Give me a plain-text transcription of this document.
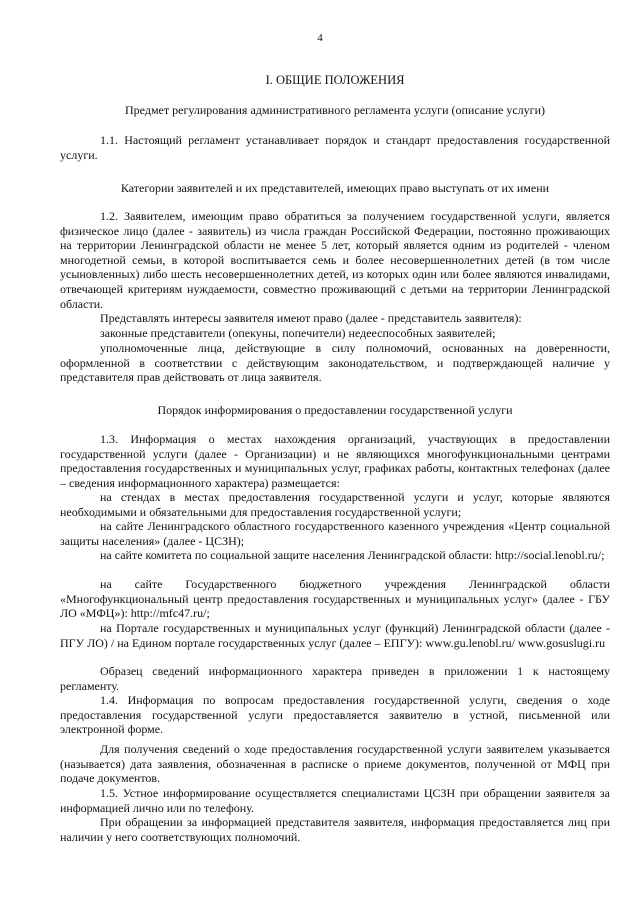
4
I. ОБЩИЕ ПОЛОЖЕНИЯ
Предмет регулирования административного регламента услуги (описание услуги)

1.1. Настоящий регламент устанавливает порядок и стандарт предоставления государственной услуги.

Категории заявителей и их представителей, имеющих право выступать от их имени

1.2. Заявителем, имеющим право обратиться за получением государственной услуги, является физическое лицо (далее - заявитель) из числа граждан Российской Федерации, постоянно проживающих на территории Ленинградской области не менее 5 лет, который является одним из родителей - членом многодетной семьи, в которой воспитывается семь и более несовершеннолетних детей (в том числе усыновленных) либо шесть несовершеннолетних детей, из которых один или более являются инвалидами, отвечающей критериям нуждаемости, совместно проживающий с детьми на территории Ленинградской области.

Представлять интересы заявителя имеют право (далее - представитель заявителя):

законные представители (опекуны, попечители) недееспособных заявителей;

уполномоченные лица, действующие в силу полномочий, основанных на доверенности, оформленной в соответствии с действующим законодательством, и подтверждающей наличие у представителя прав действовать от лица заявителя.

Порядок информирования о предоставлении государственной услуги

1.3. Информация о местах нахождения организаций, участвующих в предоставлении государственной услуги (далее - Организации) и не являющихся многофункциональными центрами предоставления государственных и муниципальных услуг, графиках работы, контактных телефонах (далее – сведения информационного характера) размещается:

на стендах в местах предоставления государственной услуги и услуг, которые являются необходимыми и обязательными для предоставления государственной услуги;

на сайте Ленинградского областного государственного казенного учреждения «Центр социальной защиты населения» (далее - ЦСЗН);

на сайте комитета по социальной защите населения Ленинградской области: http://social.lenobl.ru/;

на сайте Государственного бюджетного учреждения Ленинградской области «Многофункциональный центр предоставления государственных и муниципальных услуг» (далее - ГБУ ЛО «МФЦ»): http://mfc47.ru/;

на Портале государственных и муниципальных услуг (функций) Ленинградской области (далее - ПГУ ЛО) / на Едином портале государственных услуг (далее – ЕПГУ): www.gu.lenobl.ru/ www.gosuslugi.ru

Образец сведений информационного характера приведен в приложении 1 к настоящему регламенту.

1.4. Информация по вопросам предоставления государственной услуги, сведения о ходе предоставления государственной услуги предоставляется заявителю в устной, письменной или электронной форме.

Для получения сведений о ходе предоставления государственной услуги заявителем указывается (называется) дата заявления, обозначенная в расписке о приеме документов, полученной от МФЦ при подаче документов.

1.5. Устное информирование осуществляется специалистами ЦСЗН при обращении заявителя за информацией лично или по телефону.

При обращении за информацией представителя заявителя, информация предоставляется лиц при наличии у него соответствующих полномочий.
